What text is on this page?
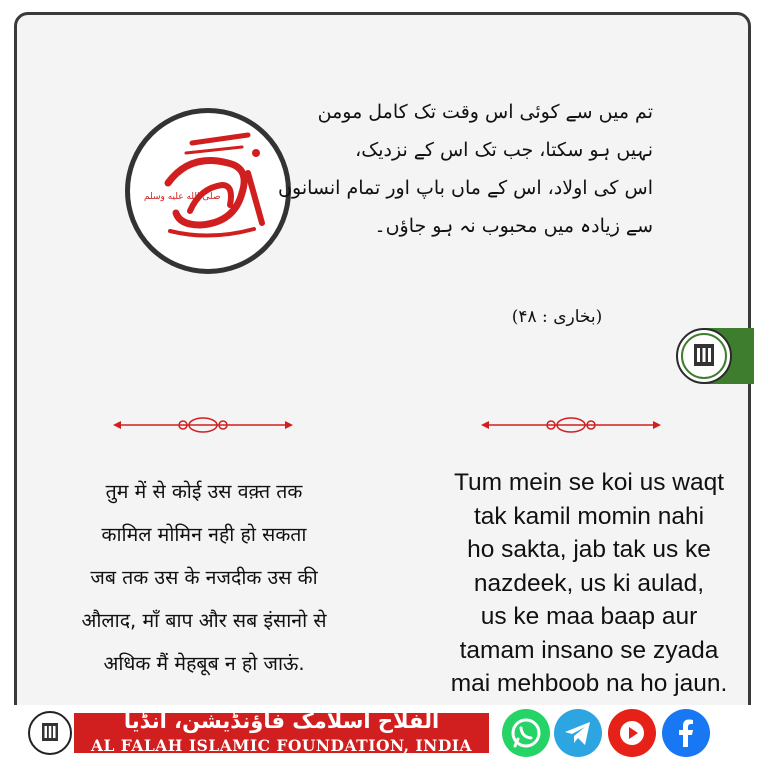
صلى الله عليه وسلم
تم میں سے کوئی اس وقت تک کامل مومن
نہیں ہو سکتا، جب تک اس کے نزدیک،
اس کی اولاد، اس کے ماں باپ اور تمام انسانوں
سے زیادہ میں محبوب نہ ہو جاؤں۔
(بخاری : ۴۸)
तुम में से कोई उस वक़्त तक
कामिल मोमिन नही हो सकता
जब तक उस के नजदीक उस की
औलाद, माँ बाप और सब इंसानो से
अधिक मैं मेहबूब न हो जाऊं.
Tum mein se koi us waqt
tak kamil momin nahi
ho sakta, jab tak us ke
nazdeek, us ki aulad,
us ke maa baap aur
tamam insano se zyada
mai mehboob na ho jaun.
الفلاح اسلامک فاؤنڈیشن، انڈیا
AL FALAH ISLAMIC FOUNDATION, INDIA
